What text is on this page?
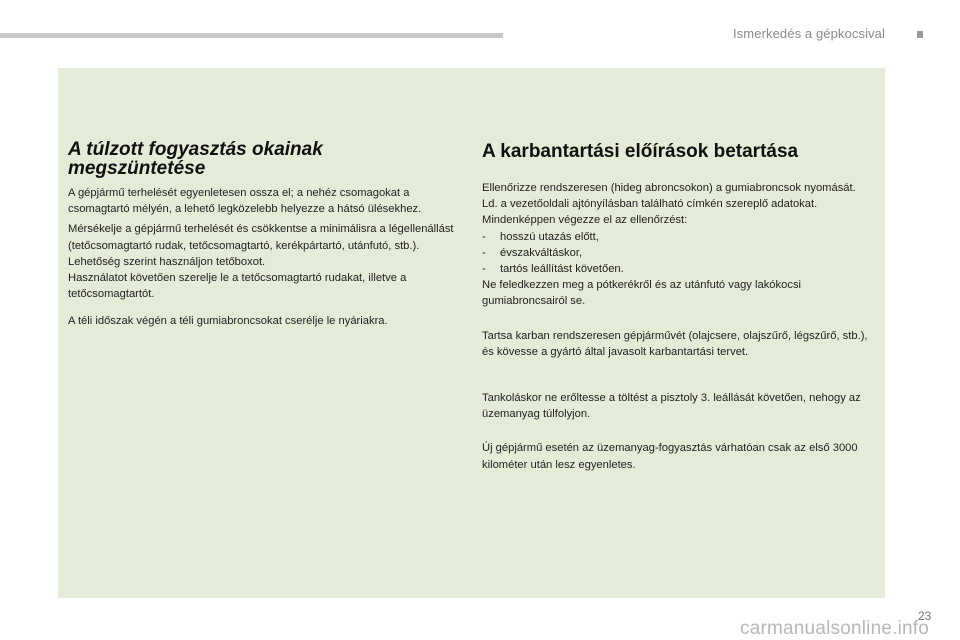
Ismerkedés a gépkocsival
A túlzott fogyasztás okainak
megszüntetése

A gépjármű terhelését egyenletesen ossza el; a nehéz csomagokat a csomagtartó mélyén, a lehető legközelebb helyezze a hátsó ülésekhez.

Mérsékelje a gépjármű terhelését és csökkentse a minimálisra a légellenállást (tetőcsomagtartó rudak, tetőcsomagtartó, kerékpártartó, utánfutó, stb.). Lehetőség szerint használjon tetőboxot.

Használatot követően szerelje le a tetőcsomagtartó rudakat, illetve a tetőcsomagtartót.

A téli időszak végén a téli gumiabroncsokat cserélje le nyáriakra.

A karbantartási előírások betartása

Ellenőrizze rendszeresen (hideg abroncsokon) a gumiabroncsok nyomását. Ld. a vezetőoldali ajtónyílásban található címkén szereplő adatokat.

Mindenképpen végezze el az ellenőrzést:

- hosszú utazás előtt,
- évszakváltáskor,
- tartós leállítást követően.

Ne feledkezzen meg a pótkerékről és az utánfutó vagy lakókocsi gumiabroncsairól se.

Tartsa karban rendszeresen gépjárművét (olajcsere, olajszűrő, légszűrő, stb.), és kövesse a gyártó által javasolt karbantartási tervet.

Tankoláskor ne erőltesse a töltést a pisztoly 3. leállását követően, nehogy az üzemanyag túlfolyjon.

Új gépjármű esetén az üzemanyag-fogyasztás várhatóan csak az első 3000 kilométer után lesz egyenletes.

23
carmanualsonline.info
